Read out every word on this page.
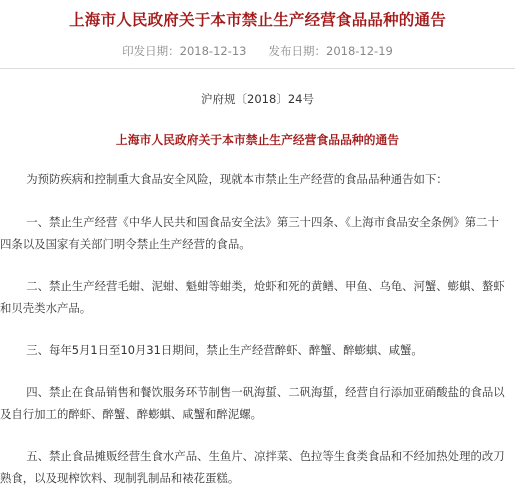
上海市人民政府关于本市禁止生产经营食品品种的通告
印发日期：2018-12-13 发布日期：2018-12-19
沪府规〔2018〕24号
上海市人民政府关于本市禁止生产经营食品品种的通告
为预防疾病和控制重大食品安全风险，现就本市禁止生产经营的食品品种通告如下：
一、禁止生产经营《中华人民共和国食品安全法》第三十四条、《上海市食品安全条例》第二十四条以及国家有关部门明令禁止生产经营的食品。
二、禁止生产经营毛蚶、泥蚶、魁蚶等蚶类，炝虾和死的黄鳝、甲鱼、乌龟、河蟹、蟛蜞、螯虾和贝壳类水产品。
三、每年5月1日至10月31日期间，禁止生产经营醉虾、醉蟹、醉蟛蜞、咸蟹。
四、禁止在食品销售和餐饮服务环节制售一矾海蜇、二矾海蜇，经营自行添加亚硝酸盐的食品以及自行加工的醉虾、醉蟹、醉蟛蜞、咸蟹和醉泥螺。
五、禁止食品摊贩经营生食水产品、生鱼片、凉拌菜、色拉等生食类食品和不经加热处理的改刀熟食，以及现榨饮料、现制乳制品和裱花蛋糕。
